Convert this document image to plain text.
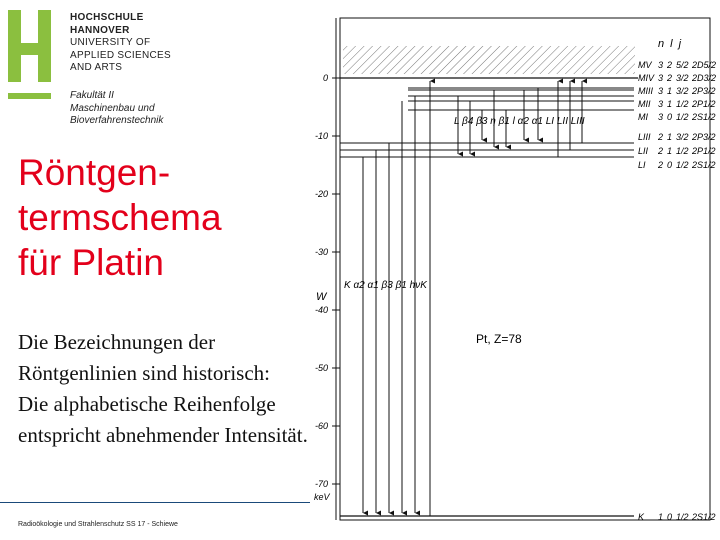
HOCHSCHULE
HANNOVER
UNIVERSITY OF
APPLIED SCIENCES
AND ARTS
Fakultät II
Maschinenbau und
Bioverfahrenstechnik
Röntgen-
termschema
für Platin

Die Bezeichnungen der Röntgenlinien sind historisch:

Die alphabetische Reihenfolge entspricht abnehmender Intensität.

Radioökologie und Strahlenschutz SS 17 - Schiewe
0
-10
-20
-30
-40
-50
-60
-70
W
keV
n l j
MV 3 2 5/2 2D5/2
MIV 3 2 3/2 2D3/2
MIII 3 1 3/2 2P3/2
MII 3 1 1/2 2P1/2
MI 3 0 1/2 2S1/2
LIII 2 1 3/2 2P3/2
LII 2 1 1/2 2P1/2
LI 2 0 1/2 2S1/2
K 1 0 1/2 2S1/2
K α2 α1 β3 β1 hνK
L β4 β3 η β1 l α2 α1 LI LII LIII
Pt, Z=78
